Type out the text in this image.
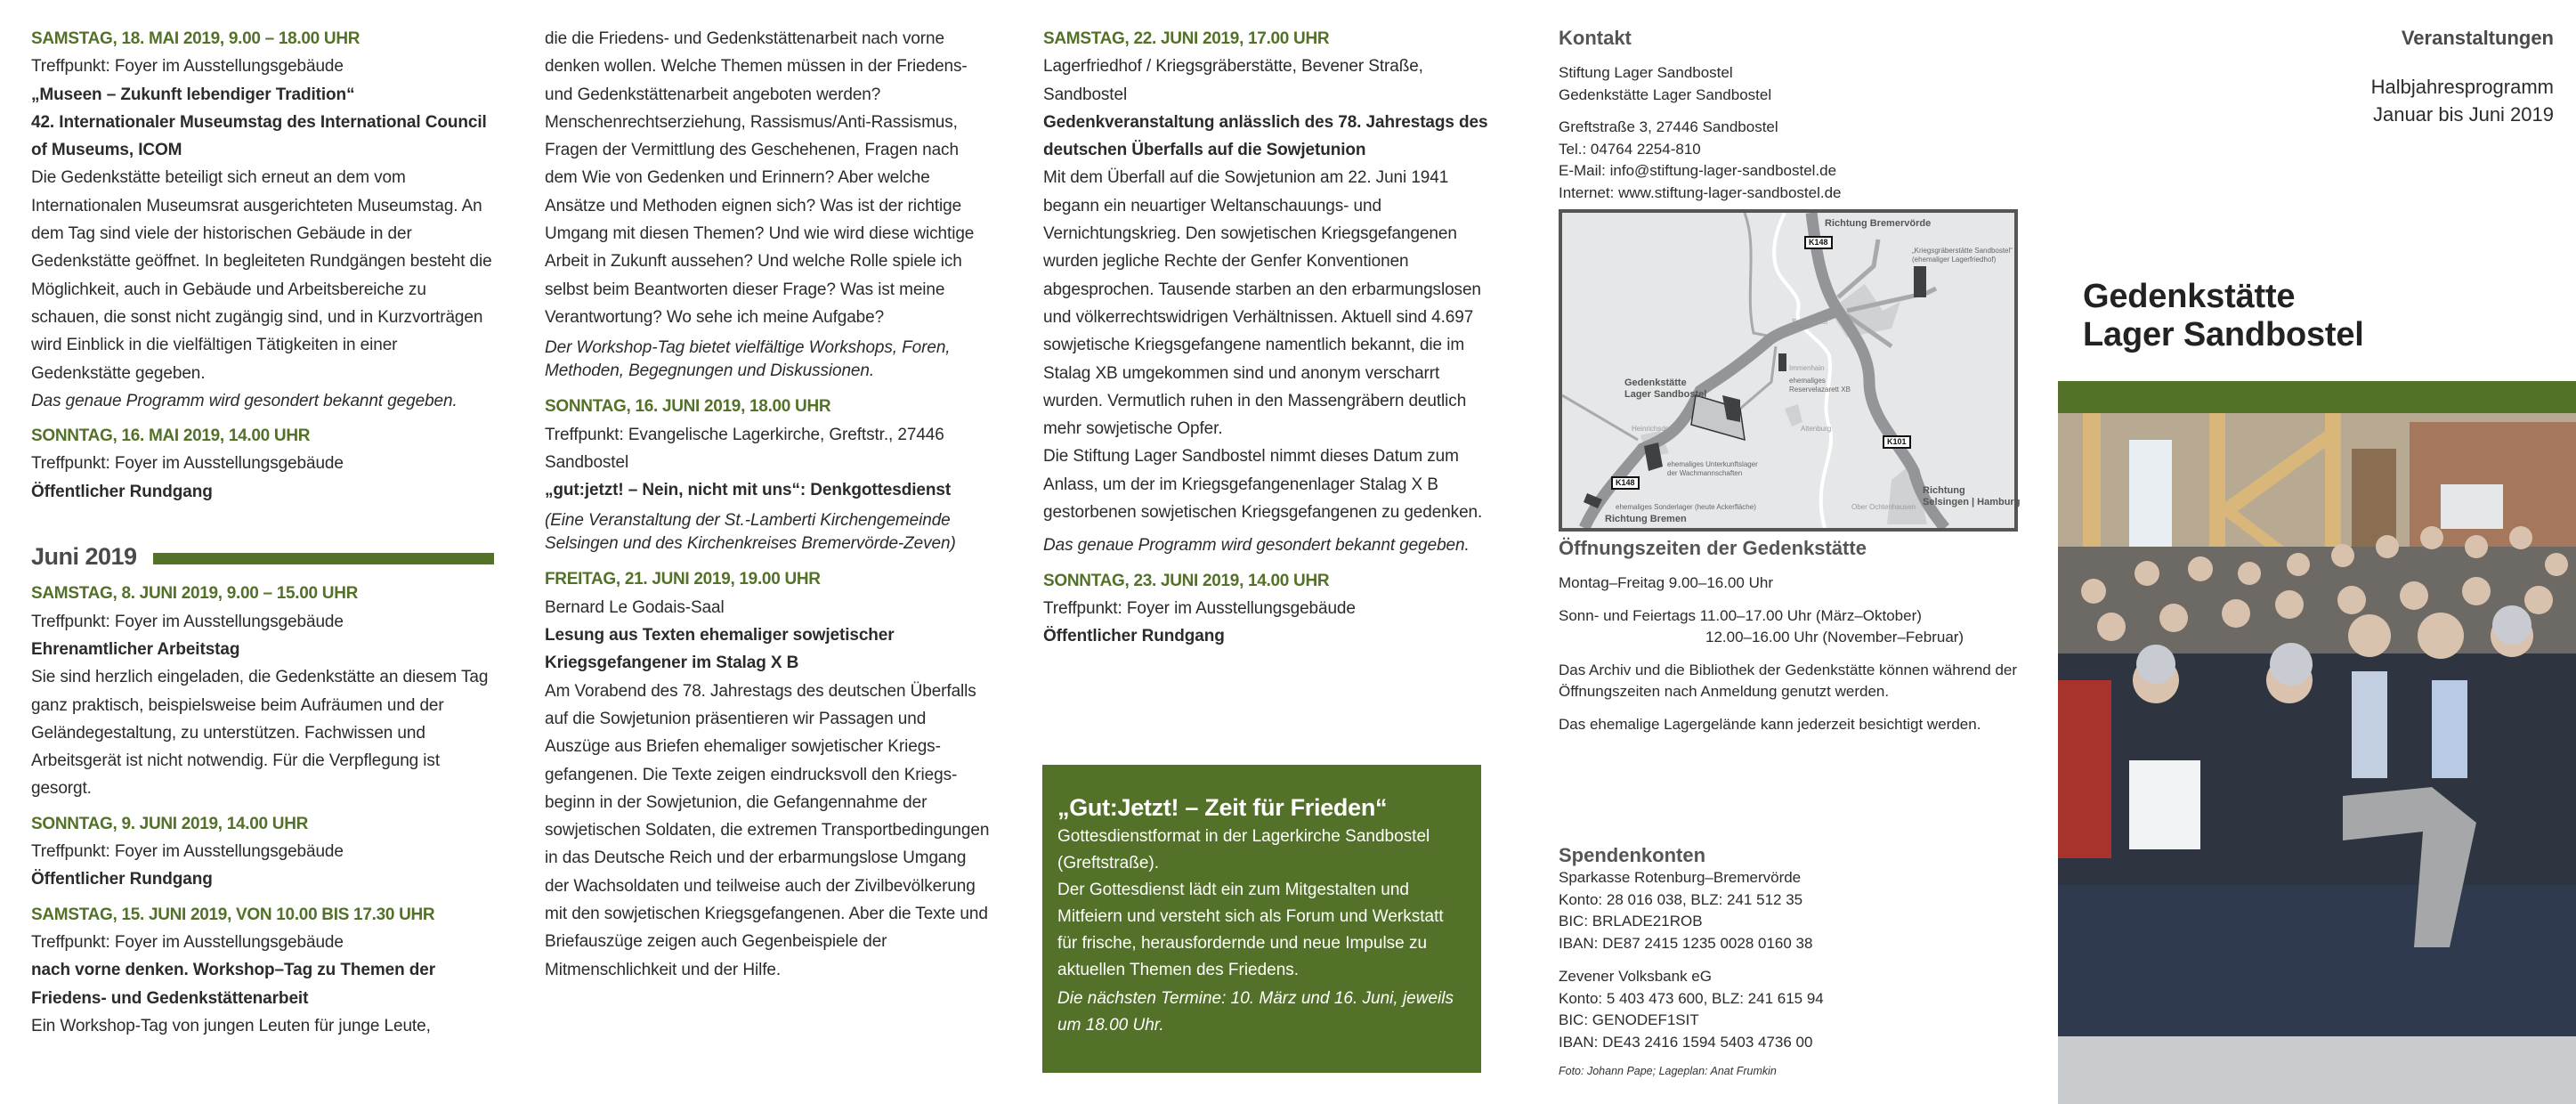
SAMSTAG, 18. MAI 2019, 9.00 – 18.00 UHR
Treffpunkt: Foyer im Ausstellungsgebäude
„Museen – Zukunft lebendiger Tradition“
42. Internationaler Museumstag des International Council of Museums, ICOM
Die Gedenkstätte beteiligt sich erneut an dem vom Internationalen Museumsrat ausgerichteten Museumstag. An dem Tag sind viele der historischen Gebäude in der Gedenkstätte geöffnet. In begleiteten Rundgängen besteht die Möglichkeit, auch in Gebäude und Arbeitsbereiche zu schauen, die sonst nicht zugängig sind, und in Kurzvorträgen wird Einblick in die vielfältigen Tätigkeiten in einer Gedenkstätte gegeben.
Das genaue Programm wird gesondert bekannt gegeben.
SONNTAG, 16. MAI 2019, 14.00 UHR
Treffpunkt: Foyer im Ausstellungsgebäude
Öffentlicher Rundgang
Juni 2019
SAMSTAG, 8. JUNI 2019, 9.00 – 15.00 UHR
Treffpunkt: Foyer im Ausstellungsgebäude
Ehrenamtlicher Arbeitstag
Sie sind herzlich eingeladen, die Gedenkstätte an diesem Tag ganz praktisch, beispielsweise beim Aufräumen und der Geländegestaltung, zu unterstützen. Fachwissen und Arbeitsgerät ist nicht notwendig. Für die Verpflegung ist gesorgt.
SONNTAG, 9. JUNI 2019, 14.00 UHR
Treffpunkt: Foyer im Ausstellungsgebäude
Öffentlicher Rundgang
SAMSTAG, 15. JUNI 2019, VON 10.00 BIS 17.30 UHR
Treffpunkt: Foyer im Ausstellungsgebäude
nach vorne denken. Workshop–Tag zu Themen der Friedens- und Gedenkstättenarbeit
Ein Workshop-Tag von jungen Leuten für junge Leute,
die die Friedens- und Gedenkstättenarbeit nach vorne denken wollen. Welche Themen müssen in der Friedens- und Gedenkstättenarbeit angeboten werden? Menschenrechtserziehung, Rassismus/Anti-Rassismus, Fragen der Vermittlung des Geschehenen, Fragen nach dem Wie von Gedenken und Erinnern? Aber welche Ansätze und Methoden eignen sich? Was ist der richtige Umgang mit diesen Themen? Und wie wird diese wichtige Arbeit in Zukunft aussehen? Und welche Rolle spiele ich selbst beim Beantworten dieser Frage? Was ist meine Verantwortung? Wo sehe ich meine Aufgabe?
Der Workshop-Tag bietet vielfältige Workshops, Foren, Methoden, Begegnungen und Diskussionen.
SONNTAG, 16. JUNI 2019, 18.00 UHR
Treffpunkt: Evangelische Lagerkirche, Greftstr., 27446 Sandbostel
„gut:jetzt! – Nein, nicht mit uns“: Denkgottesdienst
(Eine Veranstaltung der St.-Lamberti Kirchengemeinde Selsingen und des Kirchenkreises Bremervörde-Zeven)
FREITAG, 21. JUNI 2019, 19.00 UHR
Bernard Le Godais-Saal
Lesung aus Texten ehemaliger sowjetischer Kriegsgefangener im Stalag X B
Am Vorabend des 78. Jahrestags des deutschen Überfalls auf die Sowjetunion präsentieren wir Passagen und Auszüge aus Briefen ehemaliger sowjetischer Kriegsgefangenen. Die Texte zeigen eindrucksvoll den Kriegsbeginn in der Sowjetunion, die Gefangennahme der sowjetischen Soldaten, die extremen Transportbedingungen in das Deutsche Reich und der erbarmungslose Umgang der Wachsoldaten und teilweise auch der Zivilbevölkerung mit den sowjetischen Kriegsgefangenen. Aber die Texte und Briefauszüge zeigen auch Gegenbeispiele der Mitmenschlichkeit und der Hilfe.
SAMSTAG, 22. JUNI 2019, 17.00 UHR
Lagerfriedhof / Kriegsgräberstätte, Bevener Straße, Sandbostel
Gedenkveranstaltung anlässlich des 78. Jahrestags des deutschen Überfalls auf die Sowjetunion
Mit dem Überfall auf die Sowjetunion am 22. Juni 1941 begann ein neuartiger Weltanschauungs- und Vernichtungskrieg. Den sowjetischen Kriegsgefangenen wurden jegliche Rechte der Genfer Konventionen abgesprochen. Tausende starben an den erbarmungslosen und völkerrechtswidrigen Verhältnissen. Aktuell sind 4.697 sowjetische Kriegsgefangene namentlich bekannt, die im Stalag XB umgekommen sind und anonym verscharrt wurden. Vermutlich ruhen in den Massengräbern deutlich mehr sowjetische Opfer.
Die Stiftung Lager Sandbostel nimmt dieses Datum zum Anlass, um der im Kriegsgefangenenlager Stalag X B gestorbenen sowjetischen Kriegsgefangenen zu gedenken.
Das genaue Programm wird gesondert bekannt gegeben.
SONNTAG, 23. JUNI 2019, 14.00 UHR
Treffpunkt: Foyer im Ausstellungsgebäude
Öffentlicher Rundgang
„Gut:Jetzt! – Zeit für Frieden“
Gottesdienstformat in der Lagerkirche Sandbostel (Greftstraße).
Der Gottesdienst lädt ein zum Mitgestalten und Mitfeiern und versteht sich als Forum und Werkstatt für frische, herausfordernde und neue Impulse zu aktuellen Themen des Friedens.
Die nächsten Termine: 10. März und 16. Juni, jeweils um 18.00 Uhr.
Kontakt
Stiftung Lager Sandbostel
Gedenkstätte Lager Sandbostel
Greftstraße 3, 27446 Sandbostel
Tel.: 04764 2254-810
E-Mail: info@stiftung-lager-sandbostel.de
Internet: www.stiftung-lager-sandbostel.de
Richtung Bremervörde
K148
„Kriegsgräberstätte Sandbostel“
(ehemaliger Lagerfriedhof)
Sandbostel
Immenhain
ehemaliges
Reservelazarett XB
Gedenkstätte
Lager Sandbostel
Altenburg
Heinrichsdorf
K101
ehemaliges Unterkunftslager
der Wachmannschaften
K148
Richtung
Selsingen | Hamburg
Ober Ochtenhausen
ehemaliges Sonderlager (heute Ackerfläche)
Richtung Bremen
Öffnungszeiten der Gedenkstätte
Montag–Freitag 9.00–16.00 Uhr
Sonn- und Feiertags 11.00–17.00 Uhr (März–Oktober)
12.00–16.00 Uhr (November–Februar)
Das Archiv und die Bibliothek der Gedenkstätte können während der Öffnungszeiten nach Anmeldung genutzt werden.
Das ehemalige Lagergelände kann jederzeit besichtigt werden.
Spendenkonten
Sparkasse Rotenburg–Bremervörde
Konto: 28 016 038, BLZ: 241 512 35
BIC: BRLADE21ROB
IBAN: DE87 2415 1235 0028 0160 38
Zevener Volksbank eG
Konto: 5 403 473 600, BLZ: 241 615 94
BIC: GENODEF1SIT
IBAN: DE43 2416 1594 5403 4736 00
Foto: Johann Pape; Lageplan: Anat Frumkin
Veranstaltungen
Halbjahresprogramm
Januar bis Juni 2019
Gedenkstätte
Lager Sandbostel
